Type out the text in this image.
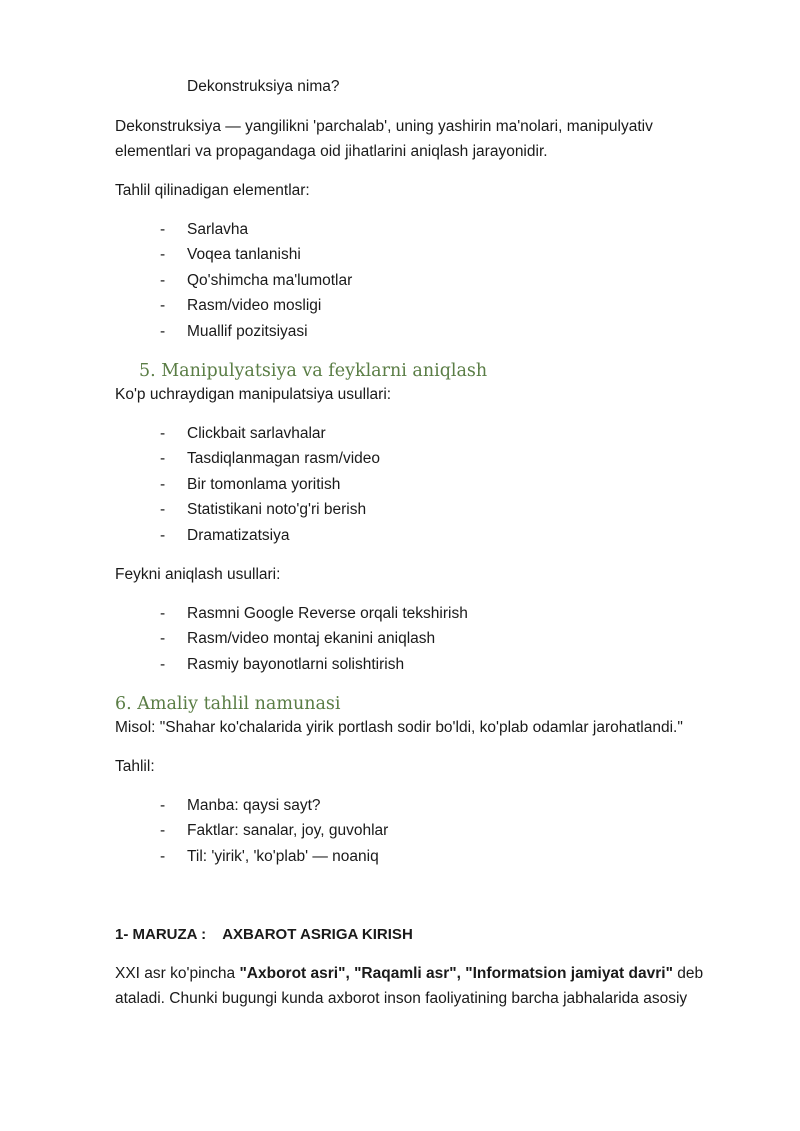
Dekonstruksiya nima?
Dekonstruksiya — yangilikni 'parchalab', uning yashirin ma'nolari, manipulyativ
elementlari va propagandaga oid jihatlarini aniqlash jarayonidir.
Tahlil qilinadigan elementlar:
- Sarlavha
- Voqea tanlanishi
- Qo'shimcha ma'lumotlar
- Rasm/video mosligi
- Muallif pozitsiyasi
5. Manipulyatsiya va feyklarni aniqlash
Ko'p uchraydigan manipulatsiya usullari:
- Clickbait sarlavhalar
- Tasdiqlanmagan rasm/video
- Bir tomonlama yoritish
- Statistikani noto'g'ri berish
- Dramatizatsiya
Feykni aniqlash usullari:
- Rasmni Google Reverse orqali tekshirish
- Rasm/video montaj ekanini aniqlash
- Rasmiy bayonotlarni solishtirish
6. Amaliy tahlil namunasi
Misol: "Shahar ko'chalarida yirik portlash sodir bo'ldi, ko'plab odamlar jarohatlandi."
Tahlil:
- Manba: qaysi sayt?
- Faktlar: sanalar, joy, guvohlar
- Til: 'yirik', 'ko'plab' — noaniq
1- MARUZA :    AXBAROT ASRIGA KIRISH
XXI asr ko'pincha "Axborot asri", "Raqamli asr", "Informatsion jamiyat davri" deb
ataladi. Chunki bugungi kunda axborot inson faoliyatining barcha jabhalarida asosiy
